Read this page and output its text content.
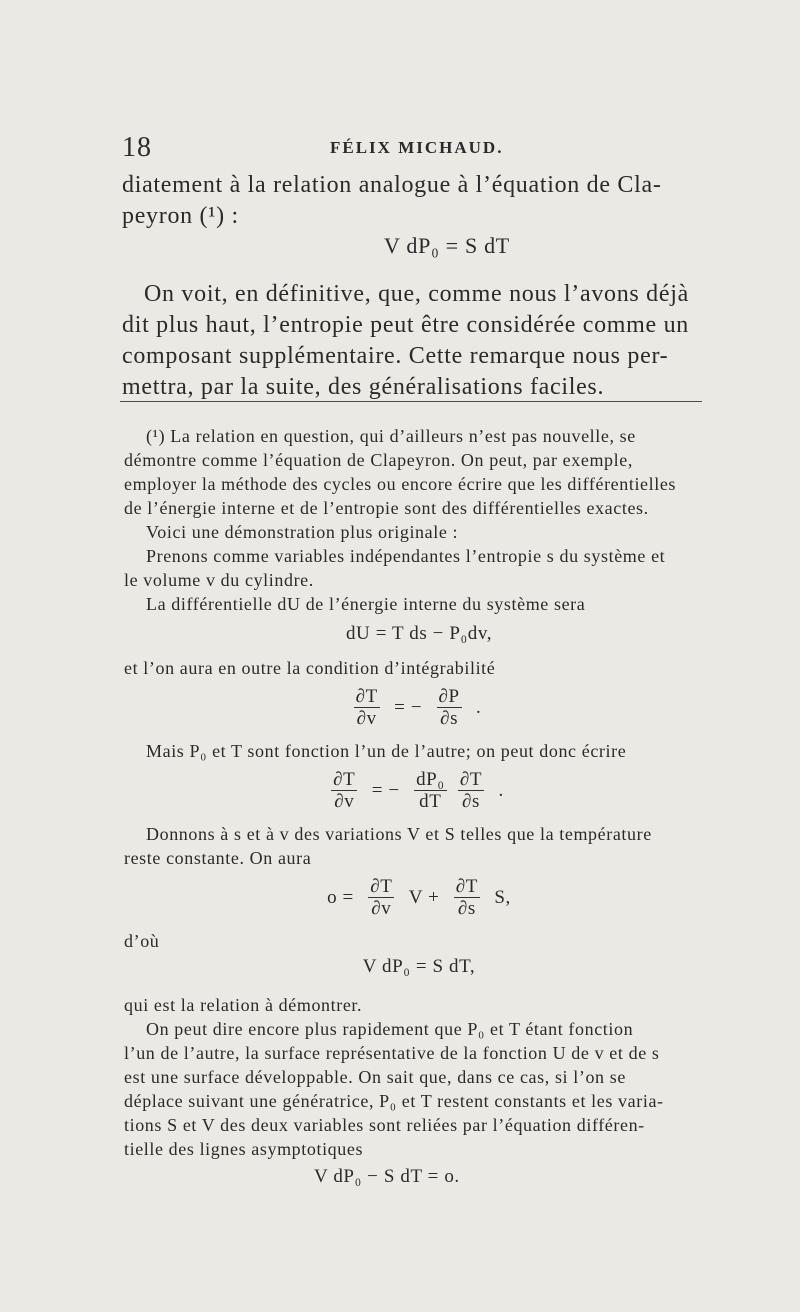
18	FÉLIX MICHAUD.

diatement à la relation analogue à l’équation de Cla-
peyron (¹) :
V dP₀ = S dT

On voit, en définitive, que, comme nous l’avons déjà
dit plus haut, l’entropie peut être considérée comme un
composant supplémentaire. Cette remarque nous per-
mettra, par la suite, des généralisations faciles.

(¹) La relation en question, qui d’ailleurs n’est pas nouvelle, se
démontre comme l’équation de Clapeyron. On peut, par exemple,
employer la méthode des cycles ou encore écrire que les différentielles
de l’énergie interne et de l’entropie sont des différentielles exactes.

Voici une démonstration plus originale :

Prenons comme variables indépendantes l’entropie s du système et
le volume v du cylindre.

La différentielle dU de l’énergie interne du système sera

dU = T ds − P₀dv,

et l’on aura en outre la condition d’intégrabilité

$\frac{\partial T}{\partial v}$ = − $\frac{\partial P}{\partial s}$ .

Mais P₀ et T sont fonction l’un de l’autre; on peut donc écrire

$\frac{\partial T}{\partial v}$ = − $\frac{\text{dP₀}}{dT}$
$\frac{\partial T}{\partial s}$ .

Donnons à s et à v des variations V et S telles que la température
reste constante. On aura

$o = \frac{\partial T}{\partial v}$ $V + \frac{\partial T}{\partial s} S$,

d’où

V dP₀ = S dT,

qui est la relation à démontrer.

On peut dire encore plus rapidement que P₀ et T étant fonction
l’un de l’autre, la surface représentative de la fonction U de v et de s
est une surface développable. On sait que, dans ce cas, si l’on se
déplace suivant une génératrice, P₀ et T restent constants et les varia-
tions S et V des deux variables sont reliées par l’équation différen-
tielle des lignes asymptotiques

V dP₀ − S dT = o.
